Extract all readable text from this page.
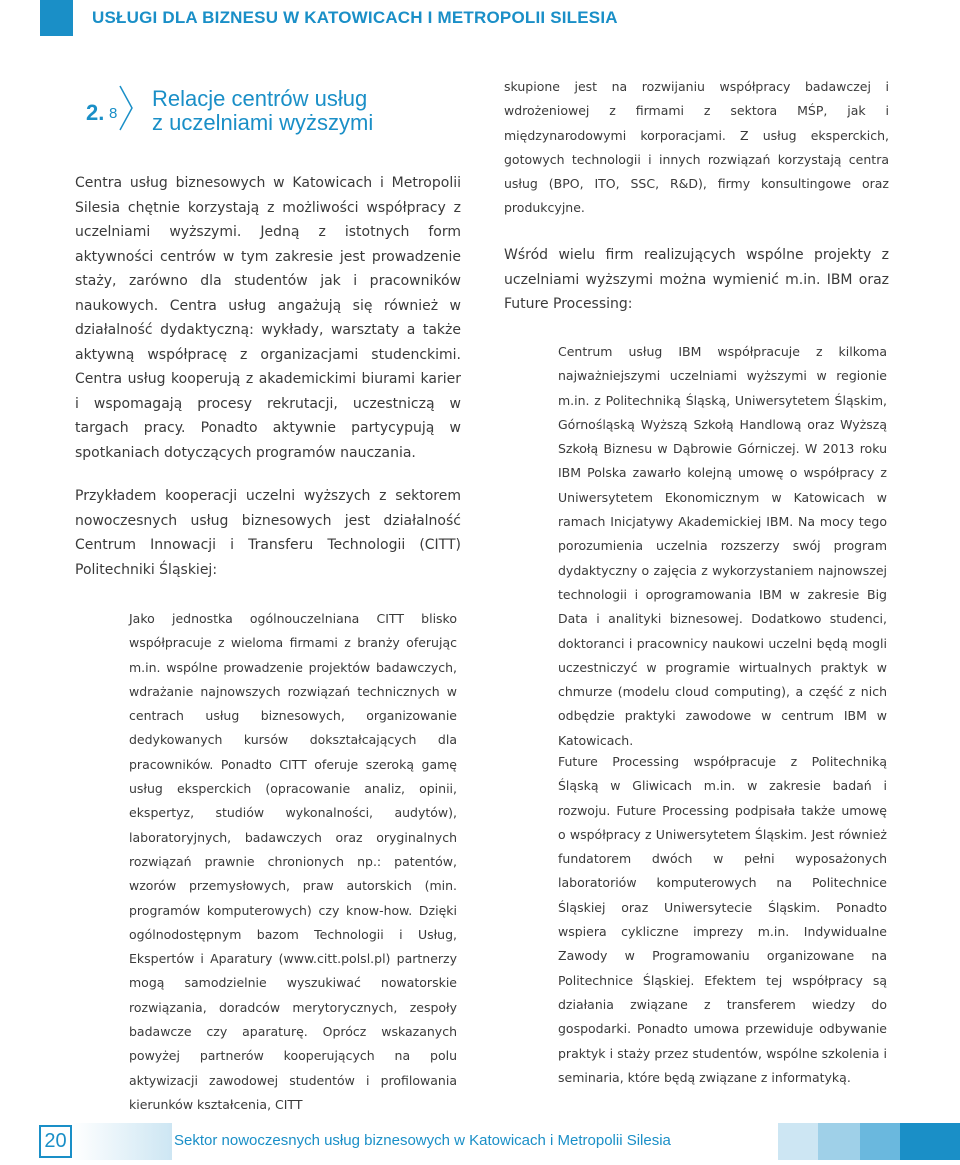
USŁUGI DLA BIZNESU W KATOWICACH I METROPOLII SILESIA
2. 8
Relacje centrów usług
z uczelniami wyższymi

Centra usług biznesowych w Katowicach i Metropolii Silesia chętnie korzystają z możliwości współpracy z uczelniami wyższymi. Jedną z istotnych form aktywności centrów w tym zakresie jest prowadzenie staży, zarówno dla studentów jak i pracowników naukowych. Centra usług angażują się również w działalność dydaktyczną: wykłady, warsztaty a także aktywną współpracę z organizacjami studenckimi. Centra usług kooperują z akademickimi biurami karier i wspomagają procesy rekrutacji, uczestniczą w targach pracy. Ponadto aktywnie partycypują w spotkaniach dotyczących programów nauczania.

Przykładem kooperacji uczelni wyższych z sektorem nowoczesnych usług biznesowych jest działalność Centrum Innowacji i Transferu Technologii (CITT) Politechniki Śląskiej:

Jako jednostka ogólnouczelniana CITT blisko współpracuje z wieloma firmami z branży oferując m.in. wspólne prowadzenie projektów badawczych, wdrażanie najnowszych rozwiązań technicznych w centrach usług biznesowych, organizowanie dedykowanych kursów dokształcających dla pracowników. Ponadto CITT oferuje szeroką gamę usług eksperckich (opracowanie analiz, opinii, ekspertyz, studiów wykonalności, audytów), laboratoryjnych, badawczych oraz oryginalnych rozwiązań prawnie chronionych np.: patentów, wzorów przemysłowych, praw autorskich (min. programów komputerowych) czy know-how. Dzięki ogólnodostępnym bazom Technologii i Usług, Ekspertów i Aparatury (www.citt.polsl.pl) partnerzy mogą samodzielnie wyszukiwać nowatorskie rozwiązania, doradców merytorycznych, zespoły badawcze czy aparaturę. Oprócz wskazanych powyżej partnerów kooperujących na polu aktywizacji zawodowej studentów i profilowania kierunków kształcenia, CITT

skupione jest na rozwijaniu współpracy badawczej i wdrożeniowej z firmami z sektora MŚP, jak i międzynarodowymi korporacjami. Z usług eksperckich, gotowych technologii i innych rozwiązań korzystają centra usług (BPO, ITO, SSC, R&D), firmy konsultingowe oraz produkcyjne.

Wśród wielu firm realizujących wspólne projekty z uczelniami wyższymi można wymienić m.in. IBM oraz Future Processing:

Centrum usług IBM współpracuje z kilkoma najważniejszymi uczelniami wyższymi w regionie m.in. z Politechniką Śląską, Uniwersytetem Śląskim, Górnośląską Wyższą Szkołą Handlową oraz Wyższą Szkołą Biznesu w Dąbrowie Górniczej. W 2013 roku IBM Polska zawarło kolejną umowę o współpracy z Uniwersytetem Ekonomicznym w Katowicach w ramach Inicjatywy Akademickiej IBM. Na mocy tego porozumienia uczelnia rozszerzy swój program dydaktyczny o zajęcia z wykorzystaniem najnowszej technologii i oprogramowania IBM w zakresie Big Data i analityki biznesowej. Dodatkowo studenci, doktoranci i pracownicy naukowi uczelni będą mogli uczestniczyć w programie wirtualnych praktyk w chmurze (modelu cloud computing), a część z nich odbędzie praktyki zawodowe w centrum IBM w Katowicach.

Future Processing współpracuje z Politechniką Śląską w Gliwicach m.in. w zakresie badań i rozwoju. Future Processing podpisała także umowę o współpracy z Uniwersytetem Śląskim. Jest również fundatorem dwóch w pełni wyposażonych laboratoriów komputerowych na Politechnice Śląskiej oraz Uniwersytecie Śląskim. Ponadto wspiera cykliczne imprezy m.in. Indywidualne Zawody w Programowaniu organizowane na Politechnice Śląskiej. Efektem tej współpracy są działania związane z transferem wiedzy do gospodarki. Ponadto umowa przewiduje odbywanie praktyk i staży przez studentów, wspólne szkolenia i seminaria, które będą związane z informatyką.

20	Sektor nowoczesnych usług biznesowych w Katowicach i Metropolii Silesia
